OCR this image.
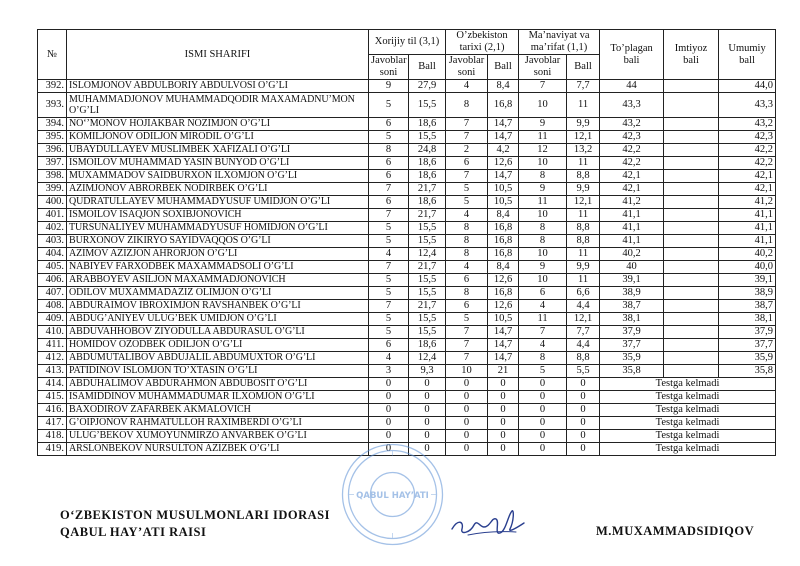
№	ISMI SHARIFI	Xorijiy til (3,1)		O’zbekiston tarixi (2,1)		Ma’naviyat va ma’rifat (1,1)		To’plagan bali	Imtiyoz bali	Umumiy ball
		Javoblar soni	Ball	Javoblar soni	Ball	Javoblar soni	Ball			
392.	ISLOMJONOV ABDULBORIY ABDULVOSI O’G’LI	9	27,9	4	8,4	7	7,7	44		44,0
393.	MUHAMMADJONOV MUHAMMADQODIR MAXAMADNU’MON O’G’LI	5	15,5	8	16,8	10	11	43,3		43,3
394.	NO‘’MONOV HOJIAKBAR NOZIMJON O’G’LI	6	18,6	7	14,7	9	9,9	43,2		43,2
395.	KOMILJONOV ODILJON MIRODIL O’G’LI	5	15,5	7	14,7	11	12,1	42,3		42,3
396.	UBAYDULLAYEV MUSLIMBEK XAFIZALI O’G’LI	8	24,8	2	4,2	12	13,2	42,2		42,2
397.	ISMOILOV MUHAMMAD YASIN BUNYOD O’G’LI	6	18,6	6	12,6	10	11	42,2		42,2
398.	MUXAMMADOV SAIDBURXON ILXOMJON O’G’LI	6	18,6	7	14,7	8	8,8	42,1		42,1
399.	AZIMJONOV ABRORBEK NODIRBEK O’G’LI	7	21,7	5	10,5	9	9,9	42,1		42,1
400.	QUDRATULLAYEV MUHAMMADYUSUF UMIDJON O’G’LI	6	18,6	5	10,5	11	12,1	41,2		41,2
401.	ISMOILOV ISAQJON SOXIBJONOVICH	7	21,7	4	8,4	10	11	41,1		41,1
402.	TURSUNALIYEV MUHAMMADYUSUF HOMIDJON O’G’LI	5	15,5	8	16,8	8	8,8	41,1		41,1
403.	BURXONOV ZIKIRYO SAYIDVAQQOS O’G’LI	5	15,5	8	16,8	8	8,8	41,1		41,1
404.	AZIMOV AZIZJON AHRORJON O’G’LI	4	12,4	8	16,8	10	11	40,2		40,2
405.	NABIYEV FARXODBEK MAXAMMADSOLI O’G’LI	7	21,7	4	8,4	9	9,9	40		40,0
406.	ARABBOYEV ASILJON MAXAMMADJONOVICH	5	15,5	6	12,6	10	11	39,1		39,1
407.	ODILOV MUXAMMADAZIZ OLIMJON O’G’LI	5	15,5	8	16,8	6	6,6	38,9		38,9
408.	ABDURAIMOV IBROXIMJON RAVSHANBEK O’G’LI	7	21,7	6	12,6	4	4,4	38,7		38,7
409.	ABDUG’ANIYEV ULUG’BEK UMIDJON O’G’LI	5	15,5	5	10,5	11	12,1	38,1		38,1
410.	ABDUVAHHOBOV ZIYODULLA ABDURASUL O’G’LI	5	15,5	7	14,7	7	7,7	37,9		37,9
411.	HOMIDOV OZODBEK ODILJON O’G’LI	6	18,6	7	14,7	4	4,4	37,7		37,7
412.	ABDUMUTALIBOV ABDUJALIL ABDUMUXTOR O’G’LI	4	12,4	7	14,7	8	8,8	35,9		35,9
413.	PATIDINOV ISLOMJON TO’XTASIN O’G’LI	3	9,3	10	21	5	5,5	35,8		35,8
414.	ABDUHALIMOV ABDURAHMON ABDUBOSIT O’G’LI	0	0	0	0	0	0	Testga kelmadi		
415.	ISAMIDDINOV MUHAMMADUMAR ILXOMJON O’G’LI	0	0	0	0	0	0	Testga kelmadi		
416.	BAXODIROV ZAFARBEK AKMALOVICH	0	0	0	0	0	0	Testga kelmadi		
417.	G’OIPJONOV RAHMATULLOH RAXIMBERDI O’G’LI	0	0	0	0	0	0	Testga kelmadi		
418.	ULUG’BEKOV XUMOYUNMIRZO ANVARBEK O’G’LI	0	0	0	0	0	0	Testga kelmadi		
419.	ARSLONBEKOV NURSULTON AZIZBEK O’G’LI	0	0	0	0	0	0	Testga kelmadi		
QABUL HAY’ATI
O‘ZBEKISTON MUSULMONLARI IDORASI
QABUL HAY’ATI RAISI	M.MUXAMMADSIDIQOV
